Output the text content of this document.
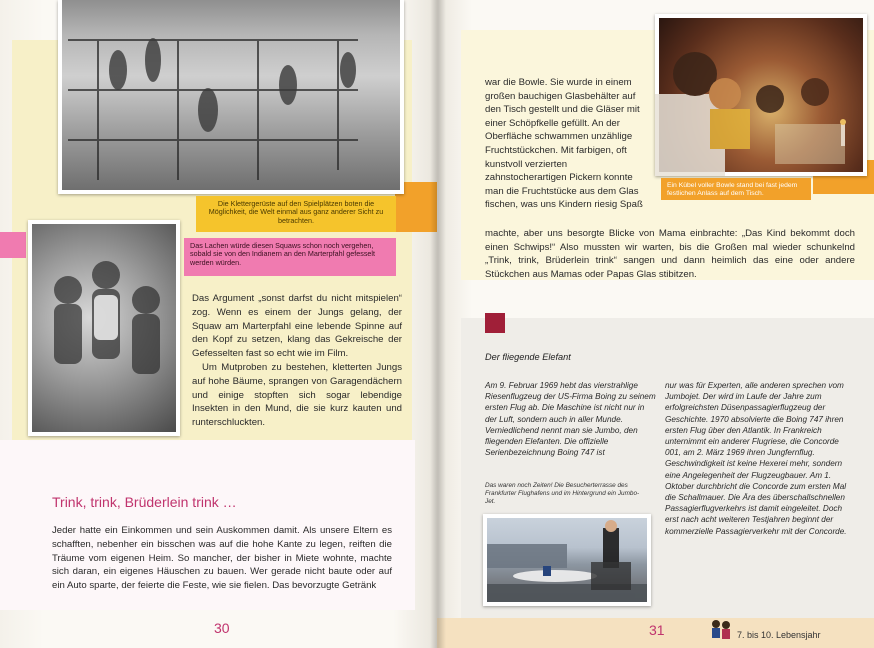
Die Klettergerüste auf den Spielplätzen boten die Möglichkeit, die Welt einmal aus ganz anderer Sicht zu betrachten.
Das Lachen würde diesen Squaws schon noch vergehen, sobald sie von den Indianern an den Marterpfahl gefesselt werden würden.

Das Argument „sonst darfst du nicht mitspielen“ zog. Wenn es einem der Jungs gelang, der Squaw am Marterpfahl eine lebende Spinne auf den Kopf zu setzen, klang das Gekreische der Gefesselten fast so echt wie im Film.

Um Mutproben zu bestehen, kletterten Jungs auf hohe Bäume, sprangen von Garagendächern und einige stopften sich sogar lebendige Insekten in den Mund, die sie kurz kauten und runterschluckten.

Trink, trink, Brüderlein trink …
Jeder hatte ein Einkommen und sein Auskommen damit. Als unsere Eltern es schafften, nebenher ein bisschen was auf die hohe Kante zu legen, reiften die Träume vom eigenen Heim. So mancher, der bisher in Miete wohnte, machte sich daran, ein eigenes Häuschen zu bauen. Wer gerade nicht baute oder auf ein Auto sparte, der feierte die Feste, wie sie fielen. Das bevorzugte Getränk
30
Ein Kübel voller Bowle stand bei fast jedem festlichen Anlass auf dem Tisch.
war die Bowle. Sie wurde in einem großen bauchigen Glasbehälter auf den Tisch gestellt und die Gläser mit einer Schöpfkelle gefüllt. An der Oberfläche schwammen unzählige Fruchtstückchen. Mit farbigen, oft kunstvoll verzierten zahnstocherartigen Pickern konnte man die Fruchtstücke aus dem Glas fischen, was uns Kindern riesig Spaß
machte, aber uns besorgte Blicke von Mama einbrachte: „Das Kind bekommt doch einen Schwips!“ Also mussten wir warten, bis die Großen mal wieder schunkelnd „Trink, trink, Brüderlein trink“ sangen und dann heimlich das eine oder andere Stückchen aus Mamas oder Papas Glas stibitzen.
Der fliegende Elefant
Am 9. Februar 1969 hebt das vierstrahlige Riesenflugzeug der US-Firma Boing zu seinem ersten Flug ab. Die Maschine ist nicht nur in der Luft, sondern auch in aller Munde. Verniedlichend nennt man sie Jumbo, den fliegenden Elefanten. Die offizielle Serienbezeichnung Boing 747 ist
Das waren noch Zeiten! Die Besucherterrasse des Frankfurter Flughafens und im Hintergrund ein Jumbo-Jet.
nur was für Experten, alle anderen sprechen vom Jumbojet. Der wird im Laufe der Jahre zum erfolgreichsten Düsenpassagierflugzeug der Geschichte. 1970 absolvierte die Boing 747 ihren ersten Flug über den Atlantik. In Frankreich unternimmt ein anderer Flugriese, die Concorde 001, am 2. März 1969 ihren Jungfernflug. Geschwindigkeit ist keine Hexerei mehr, sondern eine Angelegenheit der Flugzeugbauer. Am 1. Oktober durchbricht die Concorde zum ersten Mal die Schallmauer. Die Ära des überschallschnellen Passagierflugverkehrs ist damit eingeleitet. Doch erst nach acht weiteren Testjahren beginnt der kommerzielle Passagierverkehr mit der Concorde.
31	7. bis 10. Lebensjahr
